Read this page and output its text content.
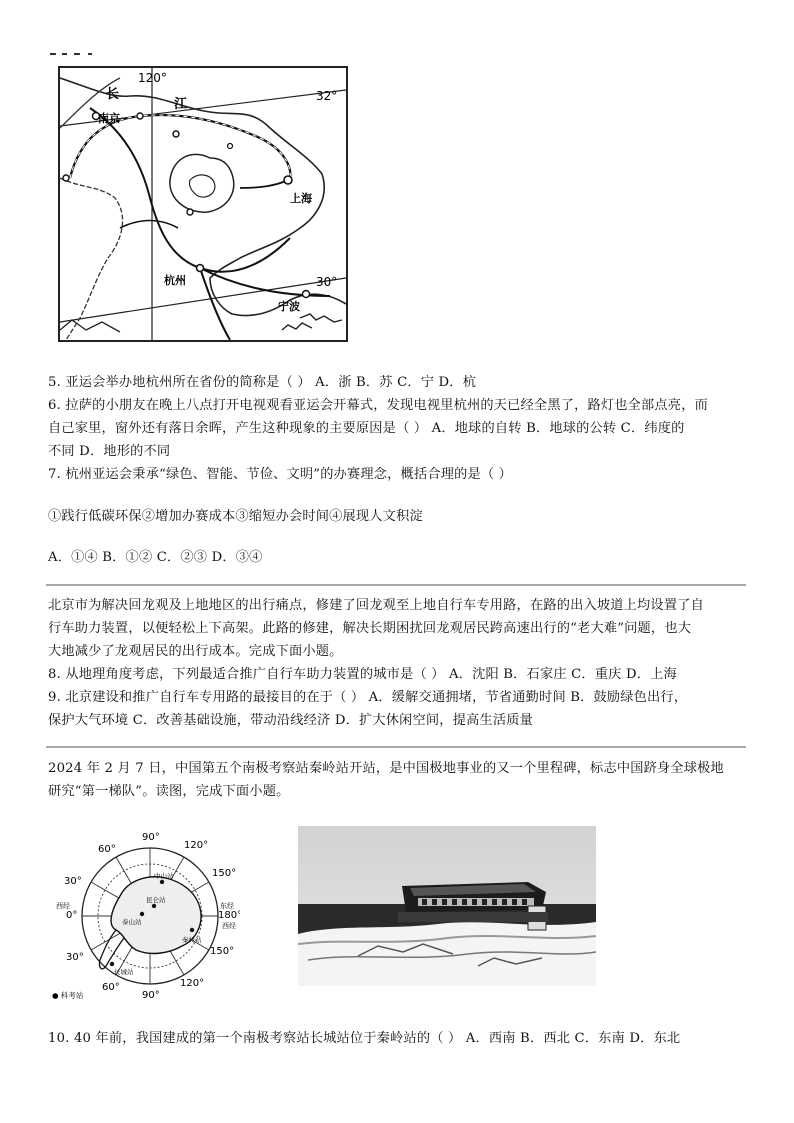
120°
32°
30°
长
江
南京
上海
杭州
宁波
5. 亚运会举办地杭州所在省份的简称是（ ） A．浙 B．苏 C．宁 D．杭
6. 拉萨的小朋友在晚上八点打开电视观看亚运会开幕式，发现电视里杭州的天已经全黑了，路灯也全部点亮，而
自己家里，窗外还有落日余晖，产生这种现象的主要原因是（ ） A．地球的自转 B．地球的公转 C．纬度的
不同 D．地形的不同
7. 杭州亚运会秉承“绿色、智能、节俭、文明”的办赛理念，概括合理的是（ ）
①践行低碳环保②增加办赛成本③缩短办会时间④展现人文积淀
A．①④ B．①② C．②③ D．③④
北京市为解决回龙观及上地地区的出行痛点，修建了回龙观至上地自行车专用路，在路的出入坡道上均设置了自
行车助力装置，以便轻松上下高架。此路的修建，解决长期困扰回龙观居民跨高速出行的“老大难”问题，也大
大地减少了龙观居民的出行成本。完成下面小题。
8. 从地理角度考虑，下列最适合推广自行车助力装置的城市是（ ） A．沈阳 B．石家庄 C．重庆 D．上海
9. 北京建设和推广自行车专用路的最接目的在于（ ） A．缓解交通拥堵，节省通勤时间 B．鼓励绿色出行，
保护大气环境 C．改善基础设施，带动沿线经济 D．扩大休闲空间，提高生活质量
2024 年 2 月 7 日，中国第五个南极考察站秦岭站开站，是中国极地事业的又一个里程碑，标志中国跻身全球极地
研究“第一梯队”。读图，完成下面小题。
90°
120°
60°
150°
30°
0°
西经	东经
180°
西经
30°
150°
60°
90°
120°
中山站
昆仑站
泰山站
秦岭站
长城站
● 科考站
10. 40 年前，我国建成的第一个南极考察站长城站位于秦岭站的（ ） A．西南 B．西北 C．东南 D．东北
